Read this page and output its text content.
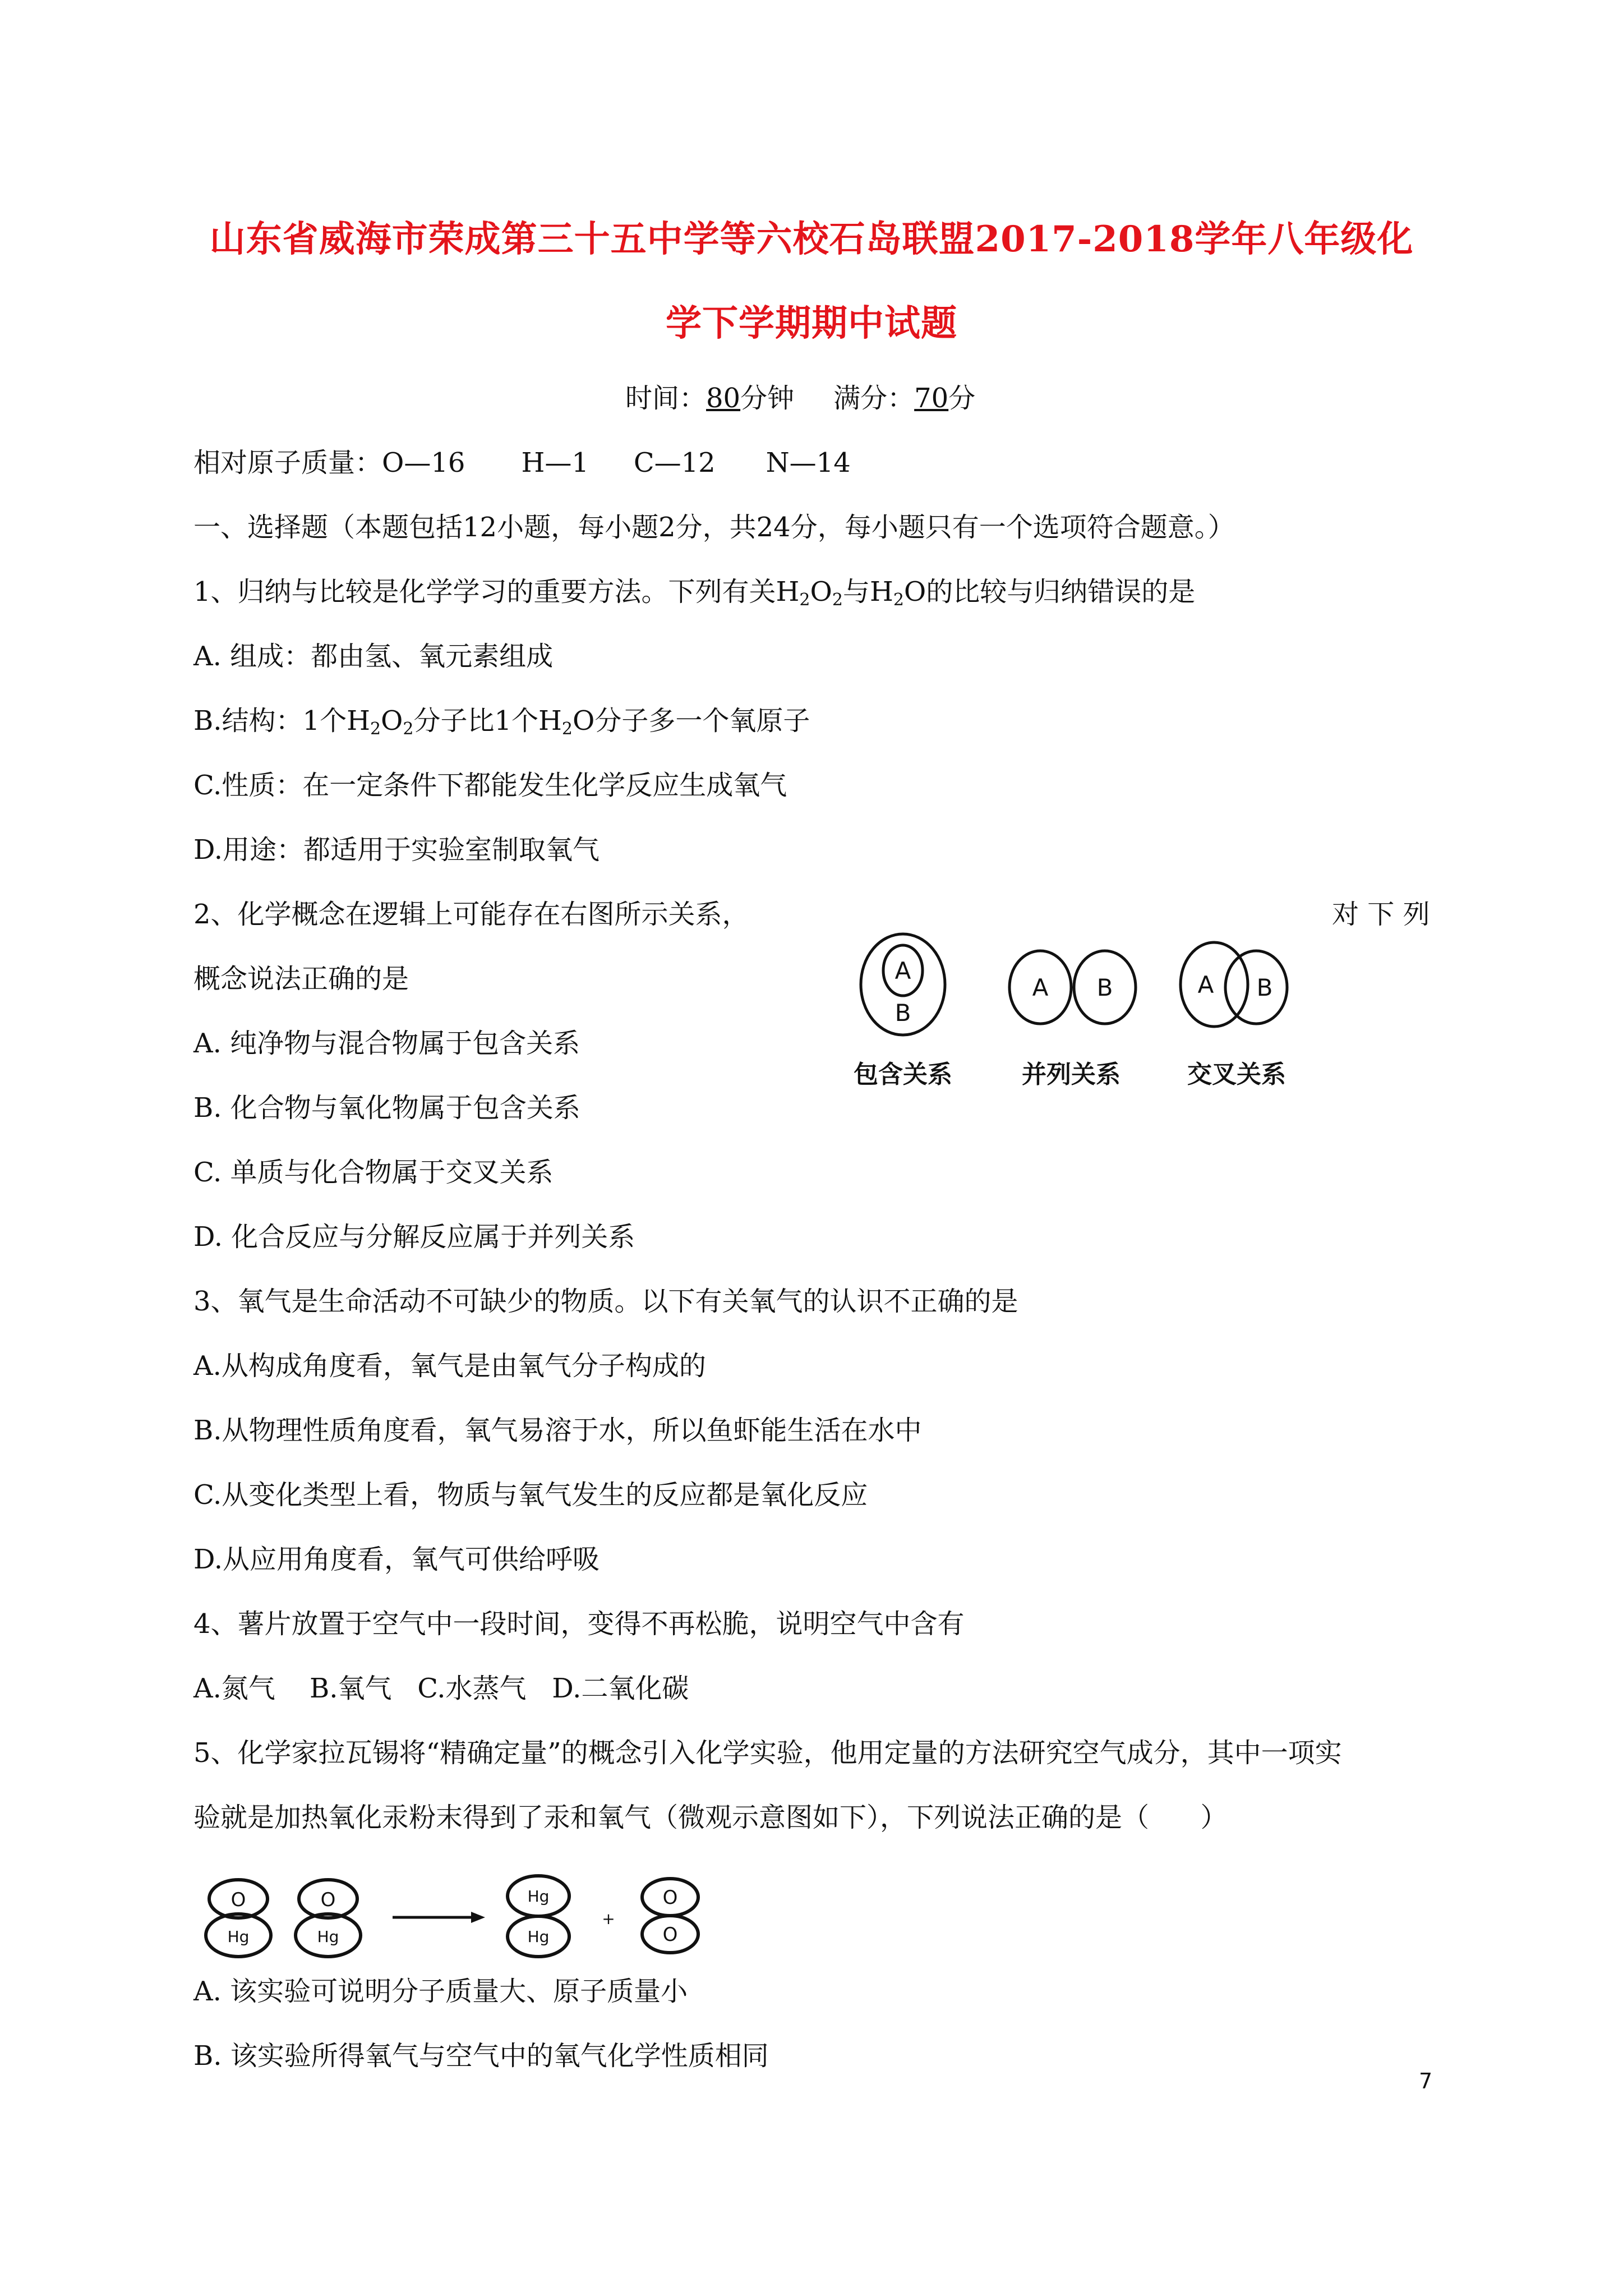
山东省威海市荣成第三十五中学等六校石岛联盟2017-2018学年八年级化
学下学期期中试题
时间：80分钟 满分：70分
相对原子质量：O—16 H—1 C—12 N—14
一、选择题（本题包括12小题，每小题2分，共24分，每小题只有一个选项符合题意。）
1、归纳与比较是化学学习的重要方法。下列有关$H_2O_2$与$H_2O$的比较与归纳错误的是
A. 组成：都由氢、氧元素组成
B.结构：1个$H_2O_2$分子比1个$H_2O$分子多一个氧原子
C.性质：在一定条件下都能发生化学反应生成氧气
D.用途：都适用于实验室制取氧气
2、化学概念在逻辑上可能存在右图所示关系，	对 下 列
概念说法正确的是
A. 纯净物与混合物属于包含关系
B. 化合物与氧化物属于包含关系
C. 单质与化合物属于交叉关系
D. 化合反应与分解反应属于并列关系
A
B
A B	A B
包含关系	并列关系	交叉关系
3、氧气是生命活动不可缺少的物质。以下有关氧气的认识不正确的是
A.从构成角度看，氧气是由氧气分子构成的
B.从物理性质角度看，氧气易溶于水，所以鱼虾能生活在水中
C.从变化类型上看，物质与氧气发生的反应都是氧化反应
D.从应用角度看，氧气可供给呼吸
4、薯片放置于空气中一段时间，变得不再松脆，说明空气中含有
A.氮气    B.氧气   C.水蒸气   D.二氧化碳
5、化学家拉瓦锡将“精确定量”的概念引入化学实验，他用定量的方法研究空气成分，其中一项实
验就是加热氧化汞粉末得到了汞和氧气（微观示意图如下），下列说法正确的是（      ）
O
Hg
O
Hg
Hg
Hg
+
O
O
A. 该实验可说明分子质量大、原子质量小
B. 该实验所得氧气与空气中的氧气化学性质相同
7
